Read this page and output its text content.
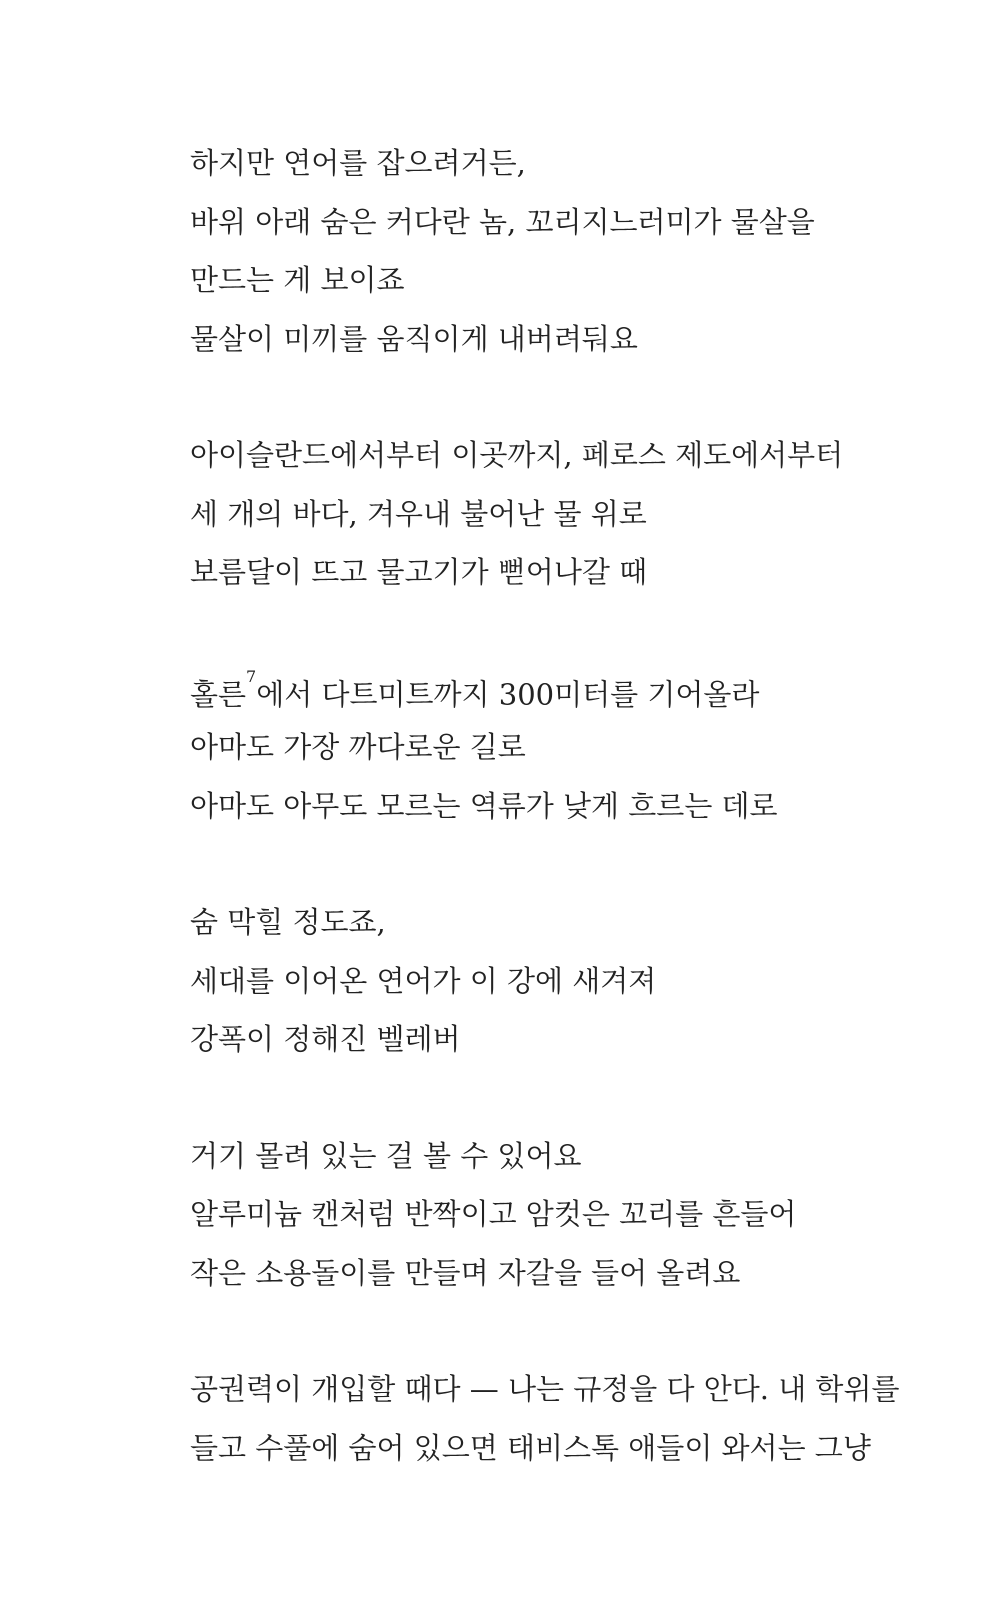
하지만 연어를 잡으려거든,
바위 아래 숨은 커다란 놈, 꼬리지느러미가 물살을
만드는 게 보이죠
물살이 미끼를 움직이게 내버려둬요
아이슬란드에서부터 이곳까지, 페로스 제도에서부터
세 개의 바다, 겨우내 불어난 물 위로
보름달이 뜨고 물고기가 뻗어나갈 때
홀른$^7$에서 다트미트까지 300미터를 기어올라
아마도 가장 까다로운 길로
아마도 아무도 모르는 역류가 낮게 흐르는 데로
숨 막힐 정도죠,
세대를 이어온 연어가 이 강에 새겨져
강폭이 정해진 벨레버
거기 몰려 있는 걸 볼 수 있어요
알루미늄 캔처럼 반짝이고 암컷은 꼬리를 흔들어
작은 소용돌이를 만들며 자갈을 들어 올려요
공권력이 개입할 때다 — 나는 규정을 다 안다. 내 학위를
들고 수풀에 숨어 있으면 태비스톡 애들이 와서는 그냥
